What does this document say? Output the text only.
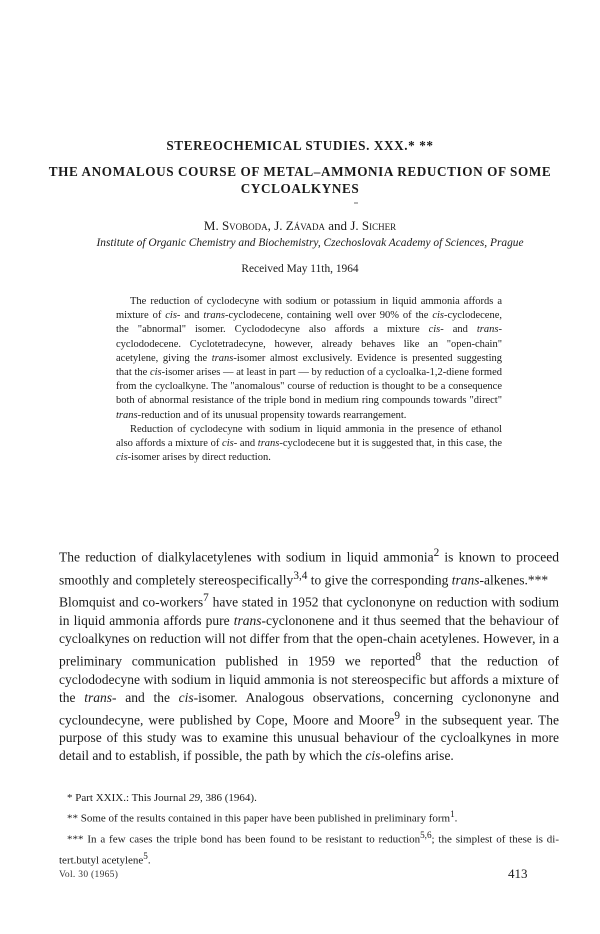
STEREOCHEMICAL STUDIES. XXX.* **
THE ANOMALOUS COURSE OF METAL–AMMONIA REDUCTION OF SOME CYCLOALKYNES
M. Svoboda, J. Závada and J. Sicher
Institute of Organic Chemistry and Biochemistry, Czechoslovak Academy of Sciences, Prague
Received May 11th, 1964

The reduction of cyclodecyne with sodium or potassium in liquid ammonia affords a mixture of cis- and trans-cyclodecene, containing well over 90% of the cis-cyclodecene, the "abnormal" isomer. Cyclododecyne also affords a mixture cis- and trans-cyclododecene. Cyclotetradecyne, however, already behaves like an "open-chain" acetylene, giving the trans-isomer almost exclusively. Evidence is presented suggesting that the cis-isomer arises — at least in part — by reduction of a cycloalka-1,2-diene formed from the cycloalkyne. The "anomalous" course of reduction is thought to be a consequence both of abnormal resistance of the triple bond in medium ring compounds towards "direct" trans-reduction and of its unusual propensity towards rearrangement.

Reduction of cyclodecyne with sodium in liquid ammonia in the presence of ethanol also affords a mixture of cis- and trans-cyclodecene but it is suggested that, in this case, the cis-isomer arises by direct reduction.

The reduction of dialkylacetylenes with sodium in liquid ammonia$^2$ is known to proceed smoothly and completely stereospecifically$^{3,4}$ to give the corresponding trans-alkenes.***

Blomquist and co-workers$^7$ have stated in 1952 that cyclononyne on reduction with sodium in liquid ammonia affords pure trans-cyclononene and it thus seemed that the behaviour of cycloalkynes on reduction will not differ from that the open-chain acetylenes. However, in a preliminary communication published in 1959 we reported$^8$ that the reduction of cyclododecyne with sodium in liquid ammonia is not stereospecific but affords a mixture of the trans- and the cis-isomer. Analogous observations, concerning cyclononyne and cycloundecyne, were published by Cope, Moore and Moore$^9$ in the subsequent year. The purpose of this study was to examine this unusual behaviour of the cycloalkynes in more detail and to establish, if possible, the path by which the cis-olefins arise.

* Part XXIX.: This Journal 29, 386 (1964).

** Some of the results contained in this paper have been published in preliminary form$^1$.

*** In a few cases the triple bond has been found to be resistant to reduction$^{5,6}$; the simplest of these is di-tert.butyl acetylene$^5$.

Vol. 30 (1965)	413
